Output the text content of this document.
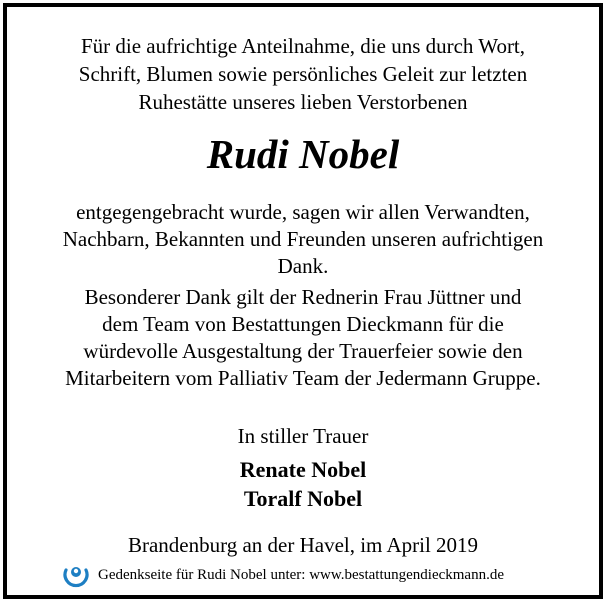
Für die aufrichtige Anteilnahme, die uns durch Wort,
Schrift, Blumen sowie persönliches Geleit zur letzten
Ruhestätte unseres lieben Verstorbenen
Rudi Nobel
entgegengebracht wurde, sagen wir allen Verwandten,
Nachbarn, Bekannten und Freunden unseren aufrichtigen
Dank.
Besonderer Dank gilt der Rednerin Frau Jüttner und
dem Team von Bestattungen Dieckmann für die
würdevolle Ausgestaltung der Trauerfeier sowie den
Mitarbeitern vom Palliativ Team der Jedermann Gruppe.
In stiller Trauer
Renate Nobel
Toralf Nobel
Brandenburg an der Havel, im April 2019
Gedenkseite für Rudi Nobel unter: www.bestattungendieckmann.de
